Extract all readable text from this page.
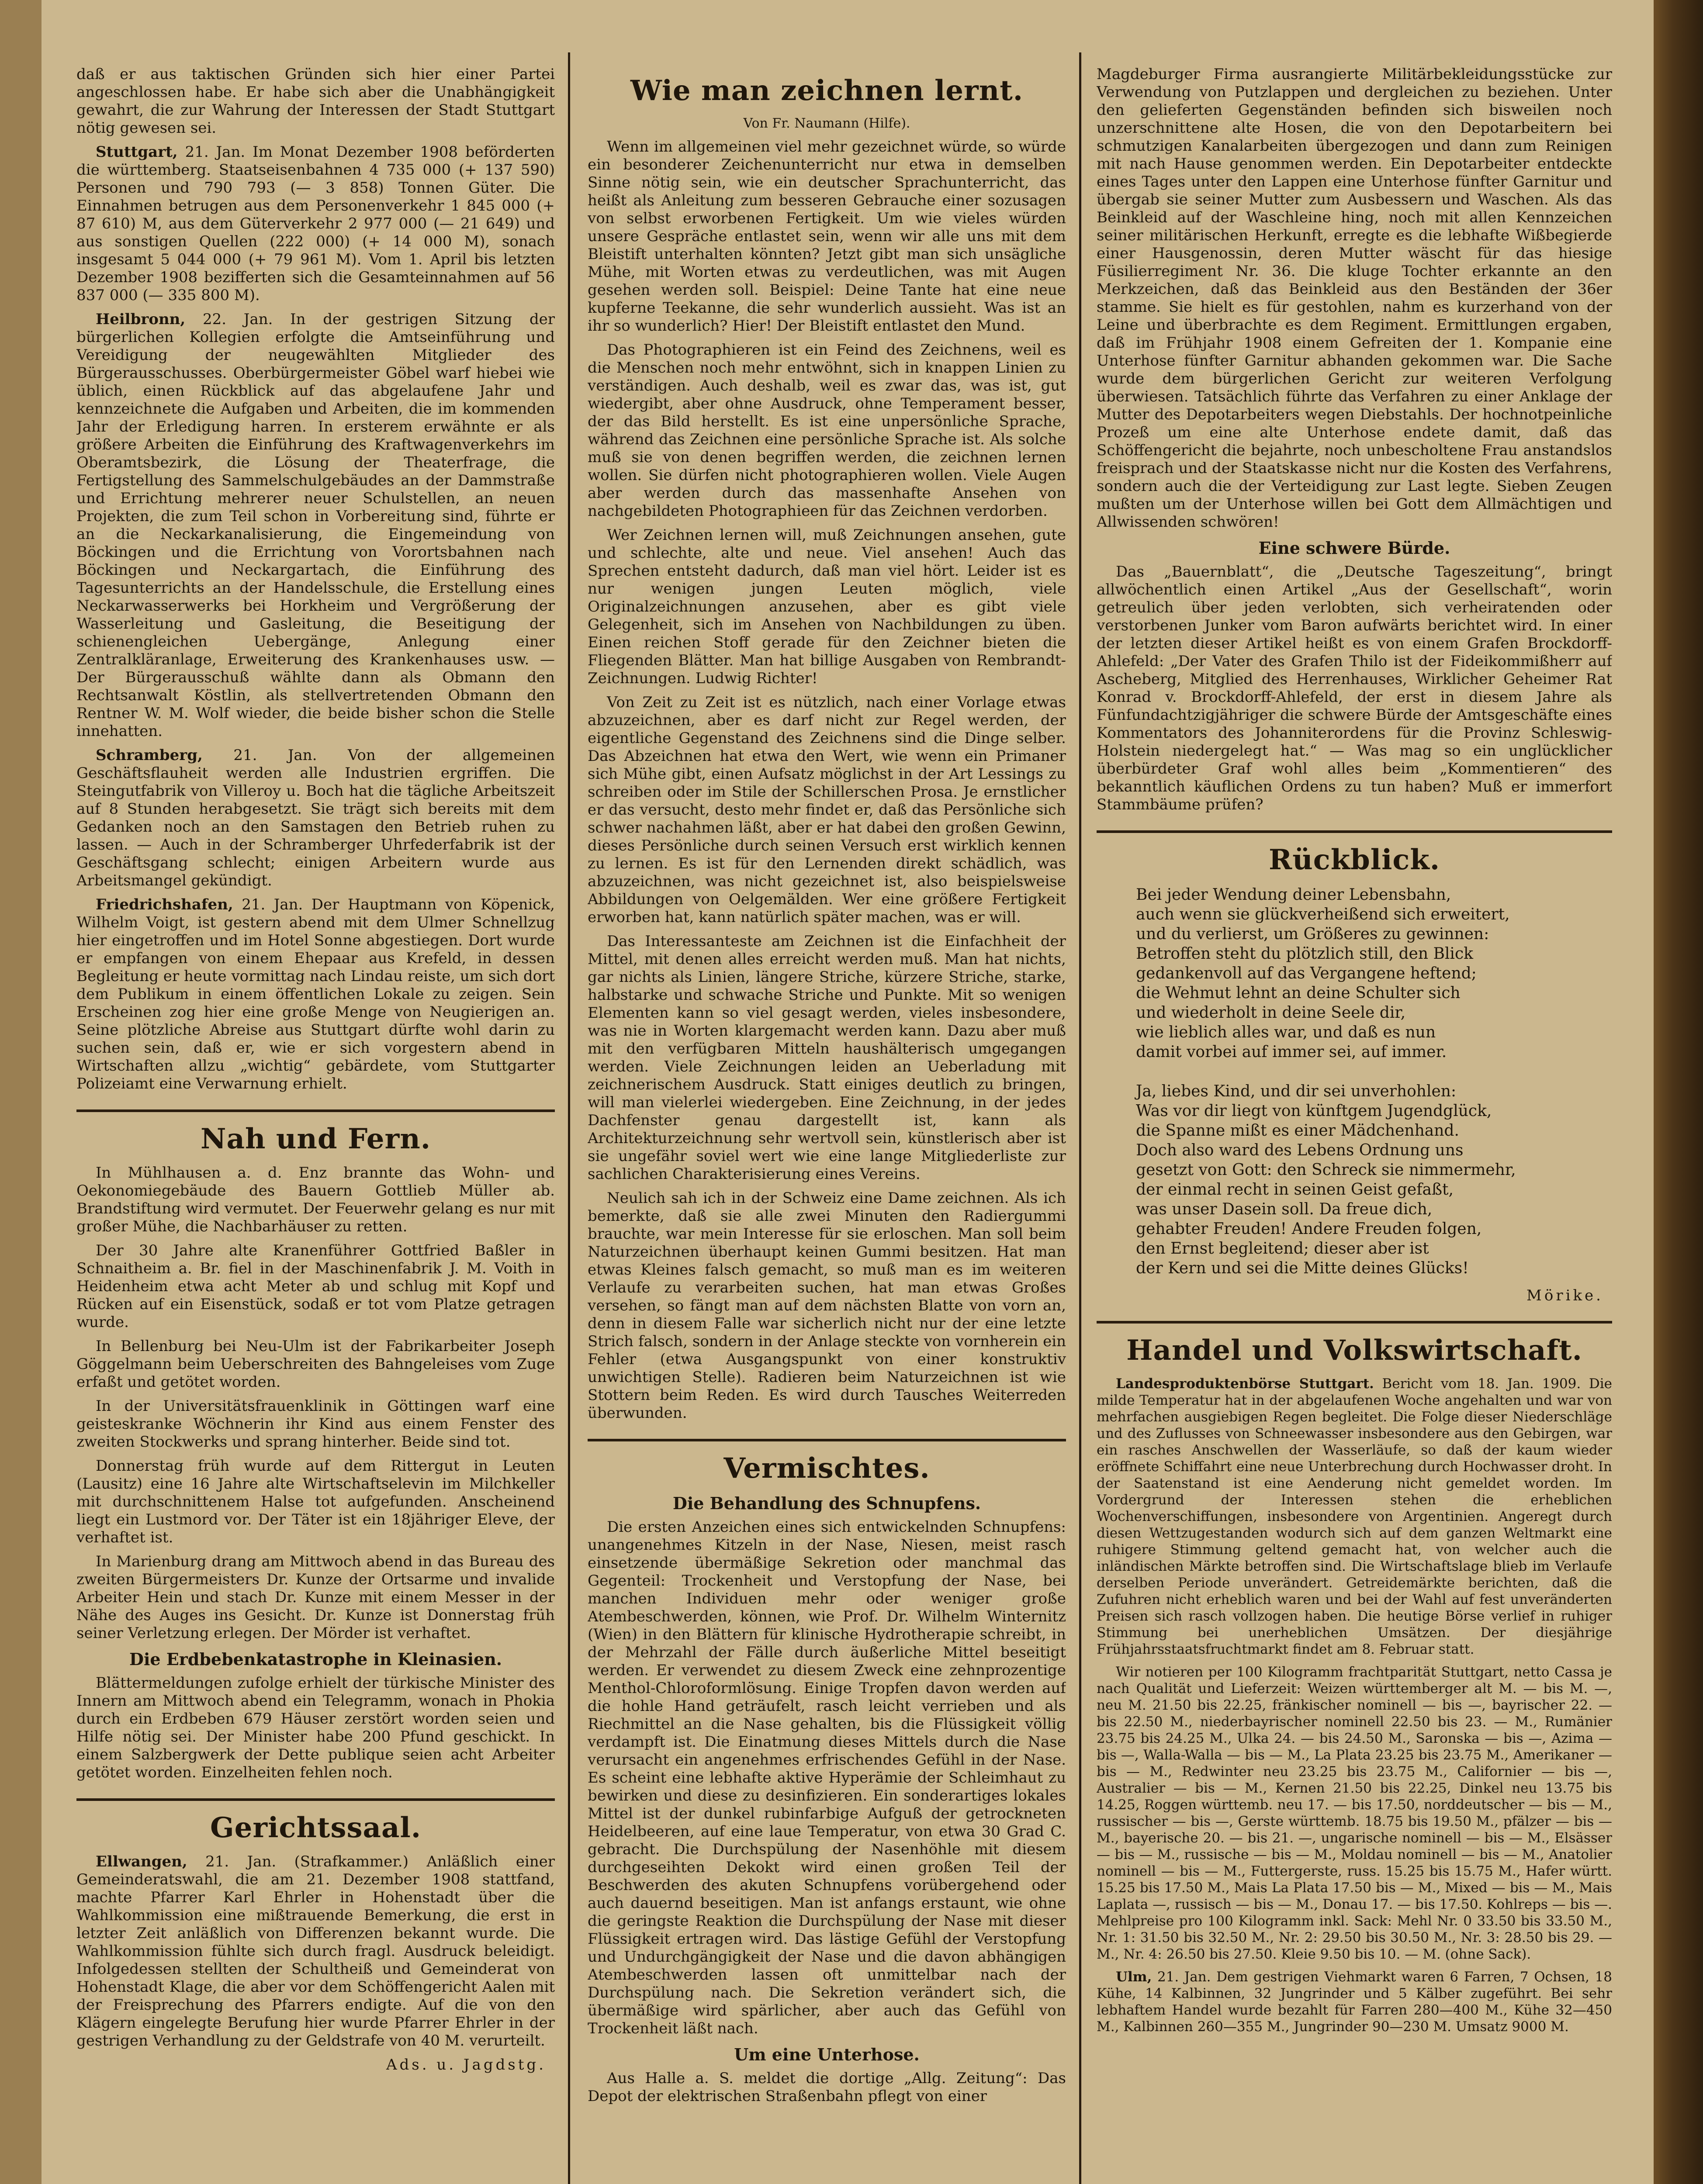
daß er aus taktischen Gründen sich hier einer Partei angeschlossen habe. Er habe sich aber die Unabhängigkeit gewahrt, die zur Wahrung der Interessen der Stadt Stuttgart nötig gewesen sei.

Stuttgart, 21. Jan. Im Monat Dezember 1908 beförderten die württemberg. Staatseisenbahnen 4 735 000 (+ 137 590) Personen und 790 793 (— 3 858) Tonnen Güter. Die Einnahmen betrugen aus dem Personenverkehr 1 845 000 (+ 87 610) M, aus dem Güterverkehr 2 977 000 (— 21 649) und aus sonstigen Quellen (222 000) (+ 14 000 M), sonach insgesamt 5 044 000 (+ 79 961 M). Vom 1. April bis letzten Dezember 1908 bezifferten sich die Gesamteinnahmen auf 56 837 000 (— 335 800 M).

Heilbronn, 22. Jan. In der gestrigen Sitzung der bürgerlichen Kollegien erfolgte die Amtseinführung und Vereidigung der neugewählten Mitglieder des Bürgerausschusses. Oberbürgermeister Göbel warf hiebei wie üblich, einen Rückblick auf das abgelaufene Jahr und kennzeichnete die Aufgaben und Arbeiten, die im kommenden Jahr der Erledigung harren. In ersterem erwähnte er als größere Arbeiten die Einführung des Kraftwagenverkehrs im Oberamtsbezirk, die Lösung der Theaterfrage, die Fertigstellung des Sammelschulgebäudes an der Dammstraße und Errichtung mehrerer neuer Schulstellen, an neuen Projekten, die zum Teil schon in Vorbereitung sind, führte er an die Neckarkanalisierung, die Eingemeindung von Böckingen und die Errichtung von Vorortsbahnen nach Böckingen und Neckargartach, die Einführung des Tagesunterrichts an der Handelsschule, die Erstellung eines Neckarwasserwerks bei Horkheim und Vergrößerung der Wasserleitung und Gasleitung, die Beseitigung der schienengleichen Uebergänge, Anlegung einer Zentralkläranlage, Erweiterung des Krankenhauses usw. — Der Bürgerausschuß wählte dann als Obmann den Rechtsanwalt Köstlin, als stellvertretenden Obmann den Rentner W. M. Wolf wieder, die beide bisher schon die Stelle innehatten.

Schramberg, 21. Jan. Von der allgemeinen Geschäftsflauheit werden alle Industrien ergriffen. Die Steingutfabrik von Villeroy u. Boch hat die tägliche Arbeitszeit auf 8 Stunden herabgesetzt. Sie trägt sich bereits mit dem Gedanken noch an den Samstagen den Betrieb ruhen zu lassen. — Auch in der Schramberger Uhrfederfabrik ist der Geschäftsgang schlecht; einigen Arbeitern wurde aus Arbeitsmangel gekündigt.

Friedrichshafen, 21. Jan. Der Hauptmann von Köpenick, Wilhelm Voigt, ist gestern abend mit dem Ulmer Schnellzug hier eingetroffen und im Hotel Sonne abgestiegen. Dort wurde er empfangen von einem Ehepaar aus Krefeld, in dessen Begleitung er heute vormittag nach Lindau reiste, um sich dort dem Publikum in einem öffentlichen Lokale zu zeigen. Sein Erscheinen zog hier eine große Menge von Neugierigen an. Seine plötzliche Abreise aus Stuttgart dürfte wohl darin zu suchen sein, daß er, wie er sich vorgestern abend in Wirtschaften allzu „wichtig“ gebärdete, vom Stuttgarter Polizeiamt eine Verwarnung erhielt.

Nah und Fern.

In Mühlhausen a. d. Enz brannte das Wohn- und Oekonomiegebäude des Bauern Gottlieb Müller ab. Brandstiftung wird vermutet. Der Feuerwehr gelang es nur mit großer Mühe, die Nachbarhäuser zu retten.

Der 30 Jahre alte Kranenführer Gottfried Baßler in Schnaitheim a. Br. fiel in der Maschinenfabrik J. M. Voith in Heidenheim etwa acht Meter ab und schlug mit Kopf und Rücken auf ein Eisenstück, sodaß er tot vom Platze getragen wurde.

In Bellenburg bei Neu-Ulm ist der Fabrikarbeiter Joseph Göggelmann beim Ueberschreiten des Bahngeleises vom Zuge erfaßt und getötet worden.

In der Universitätsfrauenklinik in Göttingen warf eine geisteskranke Wöchnerin ihr Kind aus einem Fenster des zweiten Stockwerks und sprang hinterher. Beide sind tot.

Donnerstag früh wurde auf dem Rittergut in Leuten (Lausitz) eine 16 Jahre alte Wirtschaftselevin im Milchkeller mit durchschnittenem Halse tot aufgefunden. Anscheinend liegt ein Lustmord vor. Der Täter ist ein 18jähriger Eleve, der verhaftet ist.

In Marienburg drang am Mittwoch abend in das Bureau des zweiten Bürgermeisters Dr. Kunze der Ortsarme und invalide Arbeiter Hein und stach Dr. Kunze mit einem Messer in der Nähe des Auges ins Gesicht. Dr. Kunze ist Donnerstag früh seiner Verletzung erlegen. Der Mörder ist verhaftet.

Die Erdbebenkatastrophe in Kleinasien.

Blättermeldungen zufolge erhielt der türkische Minister des Innern am Mittwoch abend ein Telegramm, wonach in Phokia durch ein Erdbeben 679 Häuser zerstört worden seien und Hilfe nötig sei. Der Minister habe 200 Pfund geschickt. In einem Salzbergwerk der Dette publique seien acht Arbeiter getötet worden. Einzelheiten fehlen noch.

Gerichtssaal.

Ellwangen, 21. Jan. (Strafkammer.) Anläßlich einer Gemeinderatswahl, die am 21. Dezember 1908 stattfand, machte Pfarrer Karl Ehrler in Hohenstadt über die Wahlkommission eine mißtrauende Bemerkung, die erst in letzter Zeit anläßlich von Differenzen bekannt wurde. Die Wahlkommission fühlte sich durch fragl. Ausdruck beleidigt. Infolgedessen stellten der Schultheiß und Gemeinderat von Hohenstadt Klage, die aber vor dem Schöffengericht Aalen mit der Freisprechung des Pfarrers endigte. Auf die von den Klägern eingelegte Berufung hier wurde Pfarrer Ehrler in der gestrigen Verhandlung zu der Geldstrafe von 40 M. verurteilt.

Ads. u. Jagdstg.
Wie man zeichnen lernt.
Von Fr. Naumann (Hilfe).

Wenn im allgemeinen viel mehr gezeichnet würde, so würde ein besonderer Zeichenunterricht nur etwa in demselben Sinne nötig sein, wie ein deutscher Sprachunterricht, das heißt als Anleitung zum besseren Gebrauche einer sozusagen von selbst erworbenen Fertigkeit. Um wie vieles würden unsere Gespräche entlastet sein, wenn wir alle uns mit dem Bleistift unterhalten könnten? Jetzt gibt man sich unsägliche Mühe, mit Worten etwas zu verdeutlichen, was mit Augen gesehen werden soll. Beispiel: Deine Tante hat eine neue kupferne Teekanne, die sehr wunderlich aussieht. Was ist an ihr so wunderlich? Hier! Der Bleistift entlastet den Mund.

Das Photographieren ist ein Feind des Zeichnens, weil es die Menschen noch mehr entwöhnt, sich in knappen Linien zu verständigen. Auch deshalb, weil es zwar das, was ist, gut wiedergibt, aber ohne Ausdruck, ohne Temperament besser, der das Bild herstellt. Es ist eine unpersönliche Sprache, während das Zeichnen eine persönliche Sprache ist. Als solche muß sie von denen begriffen werden, die zeichnen lernen wollen. Sie dürfen nicht photographieren wollen. Viele Augen aber werden durch das massenhafte Ansehen von nachgebildeten Photographieen für das Zeichnen verdorben.

Wer Zeichnen lernen will, muß Zeichnungen ansehen, gute und schlechte, alte und neue. Viel ansehen! Auch das Sprechen entsteht dadurch, daß man viel hört. Leider ist es nur wenigen jungen Leuten möglich, viele Originalzeichnungen anzusehen, aber es gibt viele Gelegenheit, sich im Ansehen von Nachbildungen zu üben. Einen reichen Stoff gerade für den Zeichner bieten die Fliegenden Blätter. Man hat billige Ausgaben von Rembrandt-Zeichnungen. Ludwig Richter!

Von Zeit zu Zeit ist es nützlich, nach einer Vorlage etwas abzuzeichnen, aber es darf nicht zur Regel werden, der eigentliche Gegenstand des Zeichnens sind die Dinge selber. Das Abzeichnen hat etwa den Wert, wie wenn ein Primaner sich Mühe gibt, einen Aufsatz möglichst in der Art Lessings zu schreiben oder im Stile der Schillerschen Prosa. Je ernstlicher er das versucht, desto mehr findet er, daß das Persönliche sich schwer nachahmen läßt, aber er hat dabei den großen Gewinn, dieses Persönliche durch seinen Versuch erst wirklich kennen zu lernen. Es ist für den Lernenden direkt schädlich, was abzuzeichnen, was nicht gezeichnet ist, also beispielsweise Abbildungen von Oelgemälden. Wer eine größere Fertigkeit erworben hat, kann natürlich später machen, was er will.

Das Interessanteste am Zeichnen ist die Einfachheit der Mittel, mit denen alles erreicht werden muß. Man hat nichts, gar nichts als Linien, längere Striche, kürzere Striche, starke, halbstarke und schwache Striche und Punkte. Mit so wenigen Elementen kann so viel gesagt werden, vieles insbesondere, was nie in Worten klargemacht werden kann. Dazu aber muß mit den verfügbaren Mitteln haushälterisch umgegangen werden. Viele Zeichnungen leiden an Ueberladung mit zeichnerischem Ausdruck. Statt einiges deutlich zu bringen, will man vielerlei wiedergeben. Eine Zeichnung, in der jedes Dachfenster genau dargestellt ist, kann als Architekturzeichnung sehr wertvoll sein, künstlerisch aber ist sie ungefähr soviel wert wie eine lange Mitgliederliste zur sachlichen Charakterisierung eines Vereins.

Neulich sah ich in der Schweiz eine Dame zeichnen. Als ich bemerkte, daß sie alle zwei Minuten den Radiergummi brauchte, war mein Interesse für sie erloschen. Man soll beim Naturzeichnen überhaupt keinen Gummi besitzen. Hat man etwas Kleines falsch gemacht, so muß man es im weiteren Verlaufe zu verarbeiten suchen, hat man etwas Großes versehen, so fängt man auf dem nächsten Blatte von vorn an, denn in diesem Falle war sicherlich nicht nur der eine letzte Strich falsch, sondern in der Anlage steckte von vornherein ein Fehler (etwa Ausgangspunkt von einer konstruktiv unwichtigen Stelle). Radieren beim Naturzeichnen ist wie Stottern beim Reden. Es wird durch Tausches Weiterreden überwunden.

Vermischtes.
Die Behandlung des Schnupfens.

Die ersten Anzeichen eines sich entwickelnden Schnupfens: unangenehmes Kitzeln in der Nase, Niesen, meist rasch einsetzende übermäßige Sekretion oder manchmal das Gegenteil: Trockenheit und Verstopfung der Nase, bei manchen Individuen mehr oder weniger große Atembeschwerden, können, wie Prof. Dr. Wilhelm Winternitz (Wien) in den Blättern für klinische Hydrotherapie schreibt, in der Mehrzahl der Fälle durch äußerliche Mittel beseitigt werden. Er verwendet zu diesem Zweck eine zehnprozentige Menthol-Chloroformlösung. Einige Tropfen davon werden auf die hohle Hand geträufelt, rasch leicht verrieben und als Riechmittel an die Nase gehalten, bis die Flüssigkeit völlig verdampft ist. Die Einatmung dieses Mittels durch die Nase verursacht ein angenehmes erfrischendes Gefühl in der Nase. Es scheint eine lebhafte aktive Hyperämie der Schleimhaut zu bewirken und diese zu desinfizieren. Ein sonderartiges lokales Mittel ist der dunkel rubinfarbige Aufguß der getrockneten Heidelbeeren, auf eine laue Temperatur, von etwa 30 Grad C. gebracht. Die Durchspülung der Nasenhöhle mit diesem durchgeseihten Dekokt wird einen großen Teil der Beschwerden des akuten Schnupfens vorübergehend oder auch dauernd beseitigen. Man ist anfangs erstaunt, wie ohne die geringste Reaktion die Durchspülung der Nase mit dieser Flüssigkeit ertragen wird. Das lästige Gefühl der Verstopfung und Undurchgängigkeit der Nase und die davon abhängigen Atembeschwerden lassen oft unmittelbar nach der Durchspülung nach. Die Sekretion verändert sich, die übermäßige wird spärlicher, aber auch das Gefühl von Trockenheit läßt nach.

Um eine Unterhose.

Aus Halle a. S. meldet die dortige „Allg. Zeitung“: Das Depot der elektrischen Straßenbahn pflegt von einer

Magdeburger Firma ausrangierte Militärbekleidungsstücke zur Verwendung von Putzlappen und dergleichen zu beziehen. Unter den gelieferten Gegenständen befinden sich bisweilen noch unzerschnittene alte Hosen, die von den Depotarbeitern bei schmutzigen Kanalarbeiten übergezogen und dann zum Reinigen mit nach Hause genommen werden. Ein Depotarbeiter entdeckte eines Tages unter den Lappen eine Unterhose fünfter Garnitur und übergab sie seiner Mutter zum Ausbessern und Waschen. Als das Beinkleid auf der Waschleine hing, noch mit allen Kennzeichen seiner militärischen Herkunft, erregte es die lebhafte Wißbegierde einer Hausgenossin, deren Mutter wäscht für das hiesige Füsilierregiment Nr. 36. Die kluge Tochter erkannte an den Merkzeichen, daß das Beinkleid aus den Beständen der 36er stamme. Sie hielt es für gestohlen, nahm es kurzerhand von der Leine und überbrachte es dem Regiment. Ermittlungen ergaben, daß im Frühjahr 1908 einem Gefreiten der 1. Kompanie eine Unterhose fünfter Garnitur abhanden gekommen war. Die Sache wurde dem bürgerlichen Gericht zur weiteren Verfolgung überwiesen. Tatsächlich führte das Verfahren zu einer Anklage der Mutter des Depotarbeiters wegen Diebstahls. Der hochnotpeinliche Prozeß um eine alte Unterhose endete damit, daß das Schöffengericht die bejahrte, noch unbescholtene Frau anstandslos freisprach und der Staatskasse nicht nur die Kosten des Verfahrens, sondern auch die der Verteidigung zur Last legte. Sieben Zeugen mußten um der Unterhose willen bei Gott dem Allmächtigen und Allwissenden schwören!

Eine schwere Bürde.

Das „Bauernblatt“, die „Deutsche Tageszeitung“, bringt allwöchentlich einen Artikel „Aus der Gesellschaft“, worin getreulich über jeden verlobten, sich verheiratenden oder verstorbenen Junker vom Baron aufwärts berichtet wird. In einer der letzten dieser Artikel heißt es von einem Grafen Brockdorff-Ahlefeld: „Der Vater des Grafen Thilo ist der Fideikommißherr auf Ascheberg, Mitglied des Herrenhauses, Wirklicher Geheimer Rat Konrad v. Brockdorff-Ahlefeld, der erst in diesem Jahre als Fünfundachtzigjähriger die schwere Bürde der Amtsgeschäfte eines Kommentators des Johanniterordens für die Provinz Schleswig-Holstein niedergelegt hat.“ — Was mag so ein unglücklicher überbürdeter Graf wohl alles beim „Kommentieren“ des bekanntlich käuflichen Ordens zu tun haben? Muß er immerfort Stammbäume prüfen?

Rückblick.

Bei jeder Wendung deiner Lebensbahn,

auch wenn sie glückverheißend sich erweitert,

und du verlierst, um Größeres zu gewinnen:

Betroffen steht du plötzlich still, den Blick

gedankenvoll auf das Vergangene heftend;

die Wehmut lehnt an deine Schulter sich

und wiederholt in deine Seele dir,

wie lieblich alles war, und daß es nun

damit vorbei auf immer sei, auf immer.

Ja, liebes Kind, und dir sei unverhohlen:

Was vor dir liegt von künftgem Jugendglück,

die Spanne mißt es einer Mädchenhand.

Doch also ward des Lebens Ordnung uns

gesetzt von Gott: den Schreck sie nimmermehr,

der einmal recht in seinen Geist gefaßt,

was unser Dasein soll. Da freue dich,

gehabter Freuden! Andere Freuden folgen,

den Ernst begleitend; dieser aber ist

der Kern und sei die Mitte deines Glücks!

Mörike.
Handel und Volkswirtschaft.

Landesproduktenbörse Stuttgart. Bericht vom 18. Jan. 1909. Die milde Temperatur hat in der abgelaufenen Woche angehalten und war von mehrfachen ausgiebigen Regen begleitet. Die Folge dieser Niederschläge und des Zuflusses von Schneewasser insbesondere aus den Gebirgen, war ein rasches Anschwellen der Wasserläufe, so daß der kaum wieder eröffnete Schiffahrt eine neue Unterbrechung durch Hochwasser droht. In der Saatenstand ist eine Aenderung nicht gemeldet worden. Im Vordergrund der Interessen stehen die erheblichen Wochenverschiffungen, insbesondere von Argentinien. Angeregt durch diesen Wettzugestanden wodurch sich auf dem ganzen Weltmarkt eine ruhigere Stimmung geltend gemacht hat, von welcher auch die inländischen Märkte betroffen sind. Die Wirtschaftslage blieb im Verlaufe derselben Periode unverändert. Getreidemärkte berichten, daß die Zufuhren nicht erheblich waren und bei der Wahl auf fest unveränderten Preisen sich rasch vollzogen haben. Die heutige Börse verlief in ruhiger Stimmung bei unerheblichen Umsätzen. Der diesjährige Frühjahrsstaatsfruchtmarkt findet am 8. Februar statt.

Wir notieren per 100 Kilogramm frachtparität Stuttgart, netto Cassa je nach Qualität und Lieferzeit: Weizen württemberger alt M. — bis M. —, neu M. 21.50 bis 22.25, fränkischer nominell — bis —, bayrischer 22. — bis 22.50 M., niederbayrischer nominell 22.50 bis 23. — M., Rumänier 23.75 bis 24.25 M., Ulka 24. — bis 24.50 M., Saronska — bis —, Azima — bis —, Walla-Walla — bis — M., La Plata 23.25 bis 23.75 M., Amerikaner — bis — M., Redwinter neu 23.25 bis 23.75 M., Californier — bis —, Australier — bis — M., Kernen 21.50 bis 22.25, Dinkel neu 13.75 bis 14.25, Roggen württemb. neu 17. — bis 17.50, norddeutscher — bis — M., russischer — bis —, Gerste württemb. 18.75 bis 19.50 M., pfälzer — bis — M., bayerische 20. — bis 21. —, ungarische nominell — bis — M., Elsässer — bis — M., russische — bis — M., Moldau nominell — bis — M., Anatolier nominell — bis — M., Futtergerste, russ. 15.25 bis 15.75 M., Hafer württ. 15.25 bis 17.50 M., Mais La Plata 17.50 bis — M., Mixed — bis — M., Mais Laplata —, russisch — bis — M., Donau 17. — bis 17.50. Kohlreps — bis —. Mehlpreise pro 100 Kilogramm inkl. Sack: Mehl Nr. 0 33.50 bis 33.50 M., Nr. 1: 31.50 bis 32.50 M., Nr. 2: 29.50 bis 30.50 M., Nr. 3: 28.50 bis 29. — M., Nr. 4: 26.50 bis 27.50. Kleie 9.50 bis 10. — M. (ohne Sack).

Ulm, 21. Jan. Dem gestrigen Viehmarkt waren 6 Farren, 7 Ochsen, 18 Kühe, 14 Kalbinnen, 32 Jungrinder und 5 Kälber zugeführt. Bei sehr lebhaftem Handel wurde bezahlt für Farren 280—400 M., Kühe 32—450 M., Kalbinnen 260—355 M., Jungrinder 90—230 M. Umsatz 9000 M.
